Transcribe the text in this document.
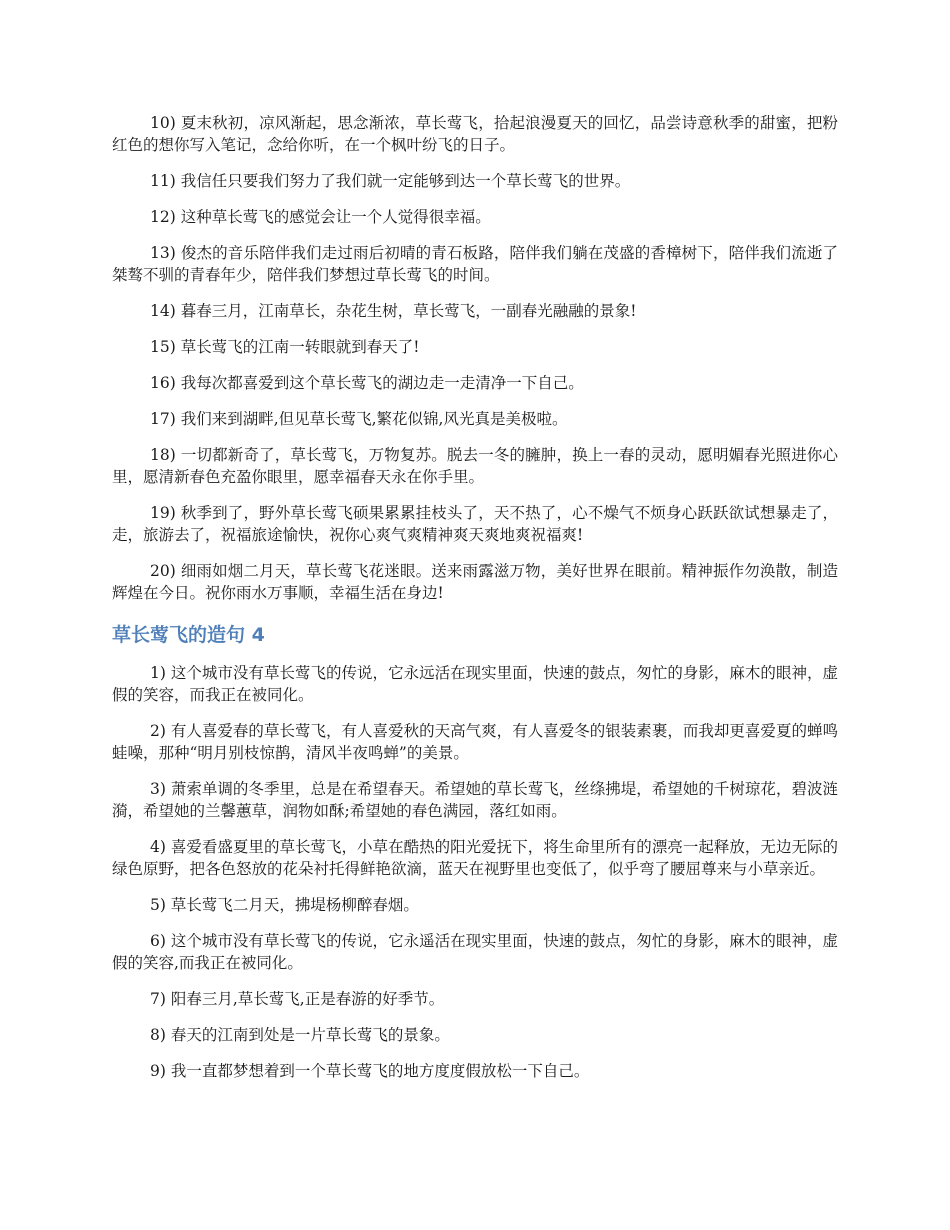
10) 夏末秋初，凉风渐起，思念渐浓，草长莺飞，拾起浪漫夏天的回忆，品尝诗意秋季的甜蜜，把粉红色的想你写入笔记，念给你听，在一个枫叶纷飞的日子。

11) 我信任只要我们努力了我们就一定能够到达一个草长莺飞的世界。

12) 这种草长莺飞的感觉会让一个人觉得很幸福。

13) 俊杰的音乐陪伴我们走过雨后初晴的青石板路，陪伴我们躺在茂盛的香樟树下，陪伴我们流逝了桀骜不驯的青春年少，陪伴我们梦想过草长莺飞的时间。

14) 暮春三月，江南草长，杂花生树，草长莺飞，一副春光融融的景象!

15) 草长莺飞的江南一转眼就到春天了!

16) 我每次都喜爱到这个草长莺飞的湖边走一走清净一下自己。

17) 我们来到湖畔,但见草长莺飞,繁花似锦,风光真是美极啦。

18) 一切都新奇了，草长莺飞，万物复苏。脱去一冬的臃肿，换上一春的灵动，愿明媚春光照进你心里，愿清新春色充盈你眼里，愿幸福春天永在你手里。

19) 秋季到了，野外草长莺飞硕果累累挂枝头了，天不热了，心不燥气不烦身心跃跃欲试想暴走了，走，旅游去了，祝福旅途愉快，祝你心爽气爽精神爽天爽地爽祝福爽!

20) 细雨如烟二月天，草长莺飞花迷眼。送来雨露滋万物，美好世界在眼前。精神振作勿涣散，制造辉煌在今日。祝你雨水万事顺，幸福生活在身边!

草长莺飞的造句 4

1) 这个城市没有草长莺飞的传说，它永远活在现实里面，快速的鼓点，匆忙的身影，麻木的眼神，虚假的笑容，而我正在被同化。

2) 有人喜爱春的草长莺飞，有人喜爱秋的天高气爽，有人喜爱冬的银装素裹，而我却更喜爱夏的蝉鸣蛙噪，那种“明月别枝惊鹊，清风半夜鸣蝉”的美景。

3) 萧索单调的冬季里，总是在希望春天。希望她的草长莺飞，丝绦拂堤，希望她的千树琼花，碧波涟漪，希望她的兰馨蕙草，润物如酥;希望她的春色满园，落红如雨。

4) 喜爱看盛夏里的草长莺飞，小草在酷热的阳光爱抚下，将生命里所有的漂亮一起释放，无边无际的绿色原野，把各色怒放的花朵衬托得鲜艳欲滴，蓝天在视野里也变低了，似乎弯了腰屈尊来与小草亲近。

5) 草长莺飞二月天，拂堤杨柳醉春烟。

6) 这个城市没有草长莺飞的传说，它永遥活在现实里面，快速的鼓点，匆忙的身影，麻木的眼神，虚假的笑容,而我正在被同化。

7) 阳春三月,草长莺飞,正是春游的好季节。

8) 春天的江南到处是一片草长莺飞的景象。

9) 我一直都梦想着到一个草长莺飞的地方度度假放松一下自己。
